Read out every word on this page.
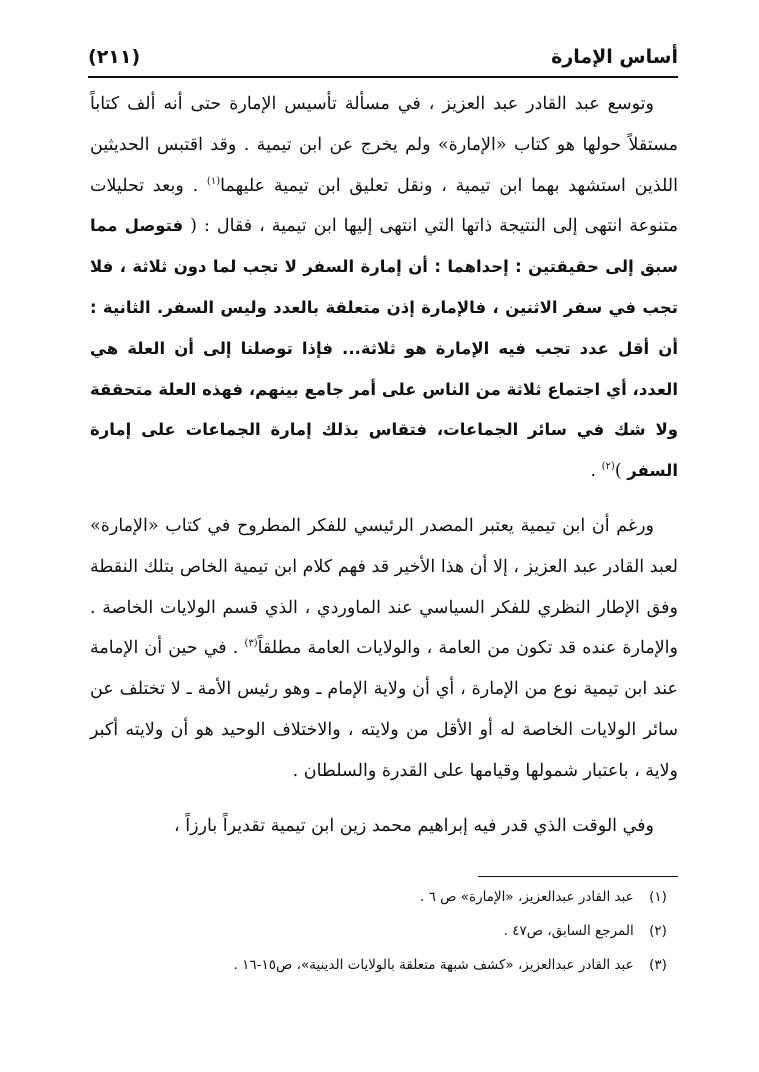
أساس الإمارة
(٢١١)

وتوسع عبد القادر عبد العزيز ، في مسألة تأسيس الإمارة حتى أنه ألف كتاباً مستقلاً حولها هو كتاب «الإمارة» ولم يخرج عن ابن تيمية . وقد اقتبس الحديثين اللذين استشهد بهما ابن تيمية ، ونقل تعليق ابن تيمية عليهما$^{(١)}$ . وبعد تحليلات متنوعة انتهى إلى النتيجة ذاتها التي انتهى إليها ابن تيمية ، فقال : ( فتوصل مما سبق إلى حقيقتين : إحداهما : أن إمارة السفر لا تجب لما دون ثلاثة ، فلا تجب في سفر الاثنين ، فالإمارة إذن متعلقة بالعدد وليس السفر. الثانية : أن أقل عدد تجب فيه الإمارة هو ثلاثة... فإذا توصلنا إلى أن العلة هي العدد، أي اجتماع ثلاثة من الناس على أمر جامع بينهم، فهذه العلة متحققة ولا شك في سائر الجماعات، فتقاس بذلك إمارة الجماعات على إمارة السفر )$^{(٢)}$ .

ورغم أن ابن تيمية يعتبر المصدر الرئيسي للفكر المطروح في كتاب «الإمارة» لعبد القادر عبد العزيز ، إلا أن هذا الأخير قد فهم كلام ابن تيمية الخاص بتلك النقطة وفق الإطار النظري للفكر السياسي عند الماوردي ، الذي قسم الولايات الخاصة . والإمارة عنده قد تكون من العامة ، والولايات العامة مطلقاً$^{(٣)}$ . في حين أن الإمامة عند ابن تيمية نوع من الإمارة ، أي أن ولاية الإمام ـ وهو رئيس الأمة ـ لا تختلف عن سائر الولايات الخاصة له أو الأقل من ولايته ، والاختلاف الوحيد هو أن ولايته أكبر ولاية ، باعتبار شمولها وقيامها على القدرة والسلطان .

وفي الوقت الذي قدر فيه إبراهيم محمد زين ابن تيمية تقديراً بارزاً ،

(١) عبد القادر عبدالعزيز، «الإمارة» ص ٦ .
(٢) المرجع السابق، ص٤٧ .
(٣) عبد القادر عبدالعزيز، «كشف شبهة متعلقة بالولايات الدينية»، ص١٥-١٦ .
